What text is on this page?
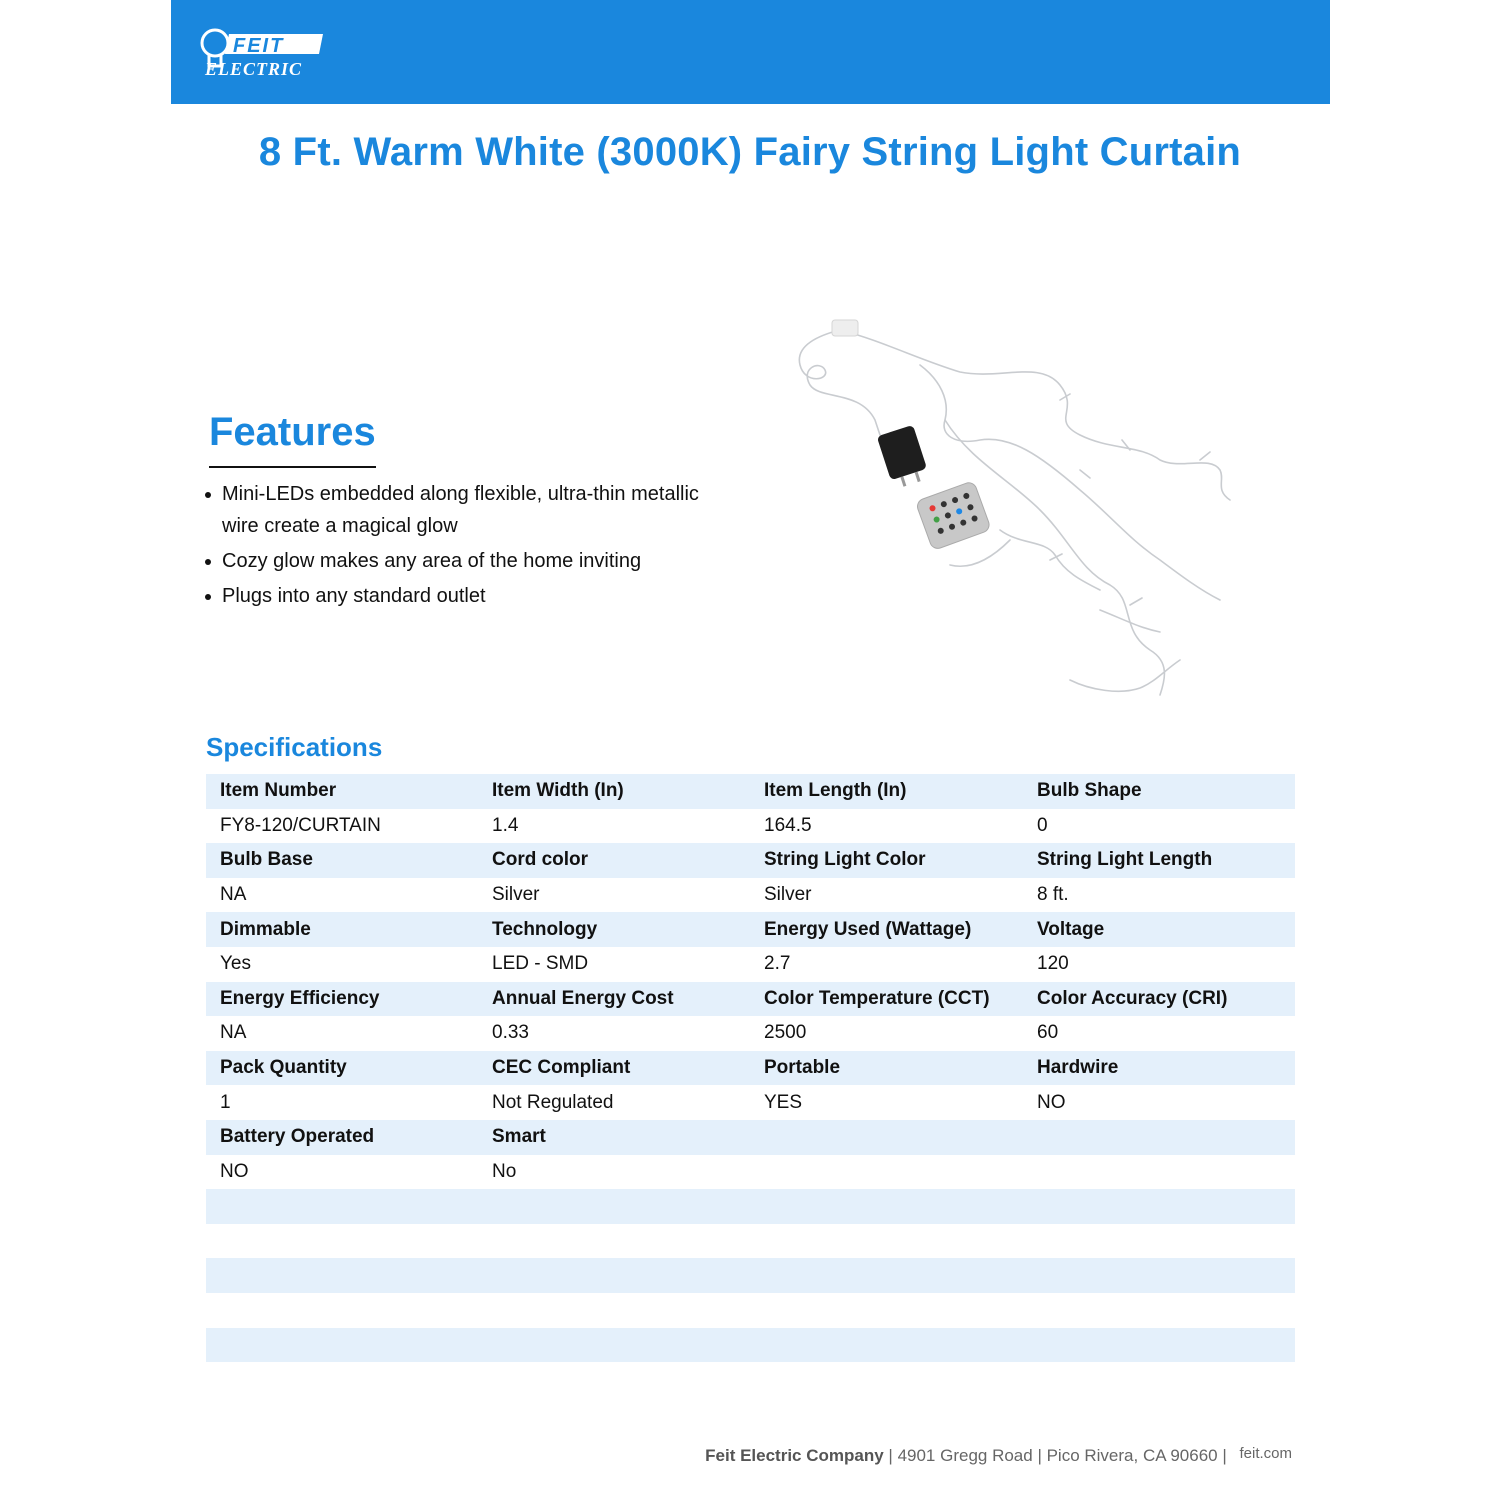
FEIT
ELECTRIC
8 Ft. Warm White (3000K) Fairy String Light Curtain
Features
Mini-LEDs embedded along flexible, ultra-thin metallic wire create a magical glow
Cozy glow makes any area of the home inviting
Plugs into any standard outlet
Specifications
Item Number	Item Width (In)	Item Length (In)	Bulb Shape
FY8-120/CURTAIN	1.4	164.5	0
Bulb Base	Cord color	String Light Color	String Light Length
NA	Silver	Silver	8 ft.
Dimmable	Technology	Energy Used (Wattage)	Voltage
Yes	LED - SMD	2.7	120
Energy Efficiency	Annual Energy Cost	Color Temperature (CCT)	Color Accuracy (CRI)
NA	0.33	2500	60
Pack Quantity	CEC Compliant	Portable	Hardwire
1	Not Regulated	YES	NO
Battery Operated	Smart		
NO	No		

Feit Electric Company | 4901 Gregg Road | Pico Rivera, CA 90660 | feit.com
